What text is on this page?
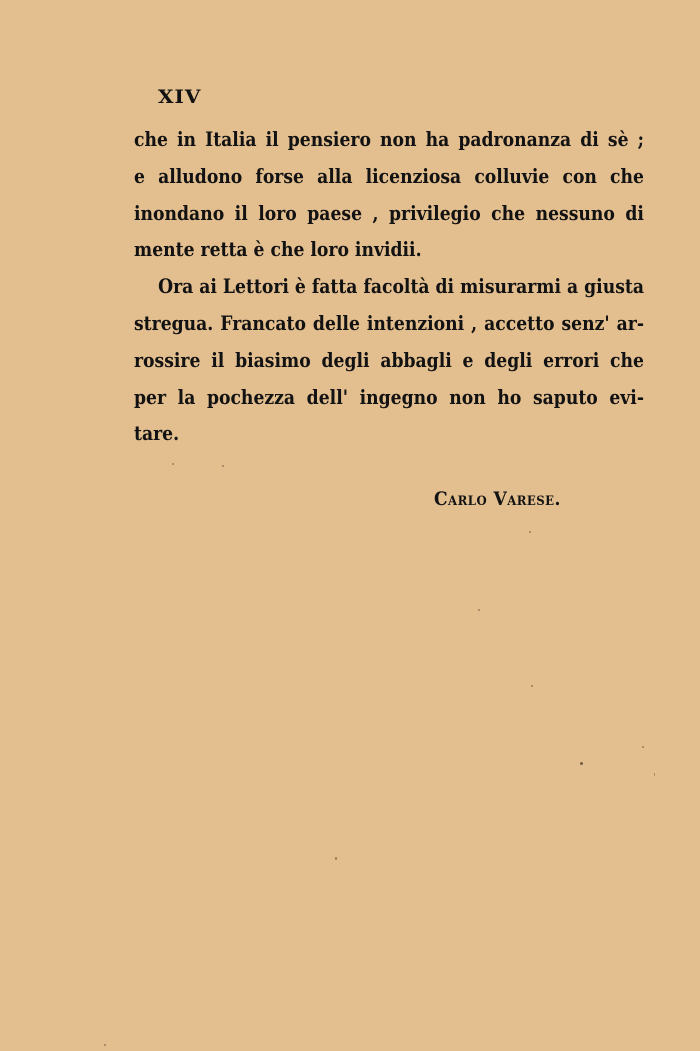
XIV
che in Italia il pensiero non ha padronanza di sè ;
e alludono forse alla licenziosa colluvie con che
inondano il loro paese , privilegio che nessuno di
mente retta è che loro invidii.
Ora ai Lettori è fatta facoltà di misurarmi a giusta
stregua. Francato delle intenzioni , accetto senz' ar-
rossire il biasimo degli abbagli e degli errori che
per la pochezza dell' ingegno non ho saputo evi-
tare.
Carlo Varese.
